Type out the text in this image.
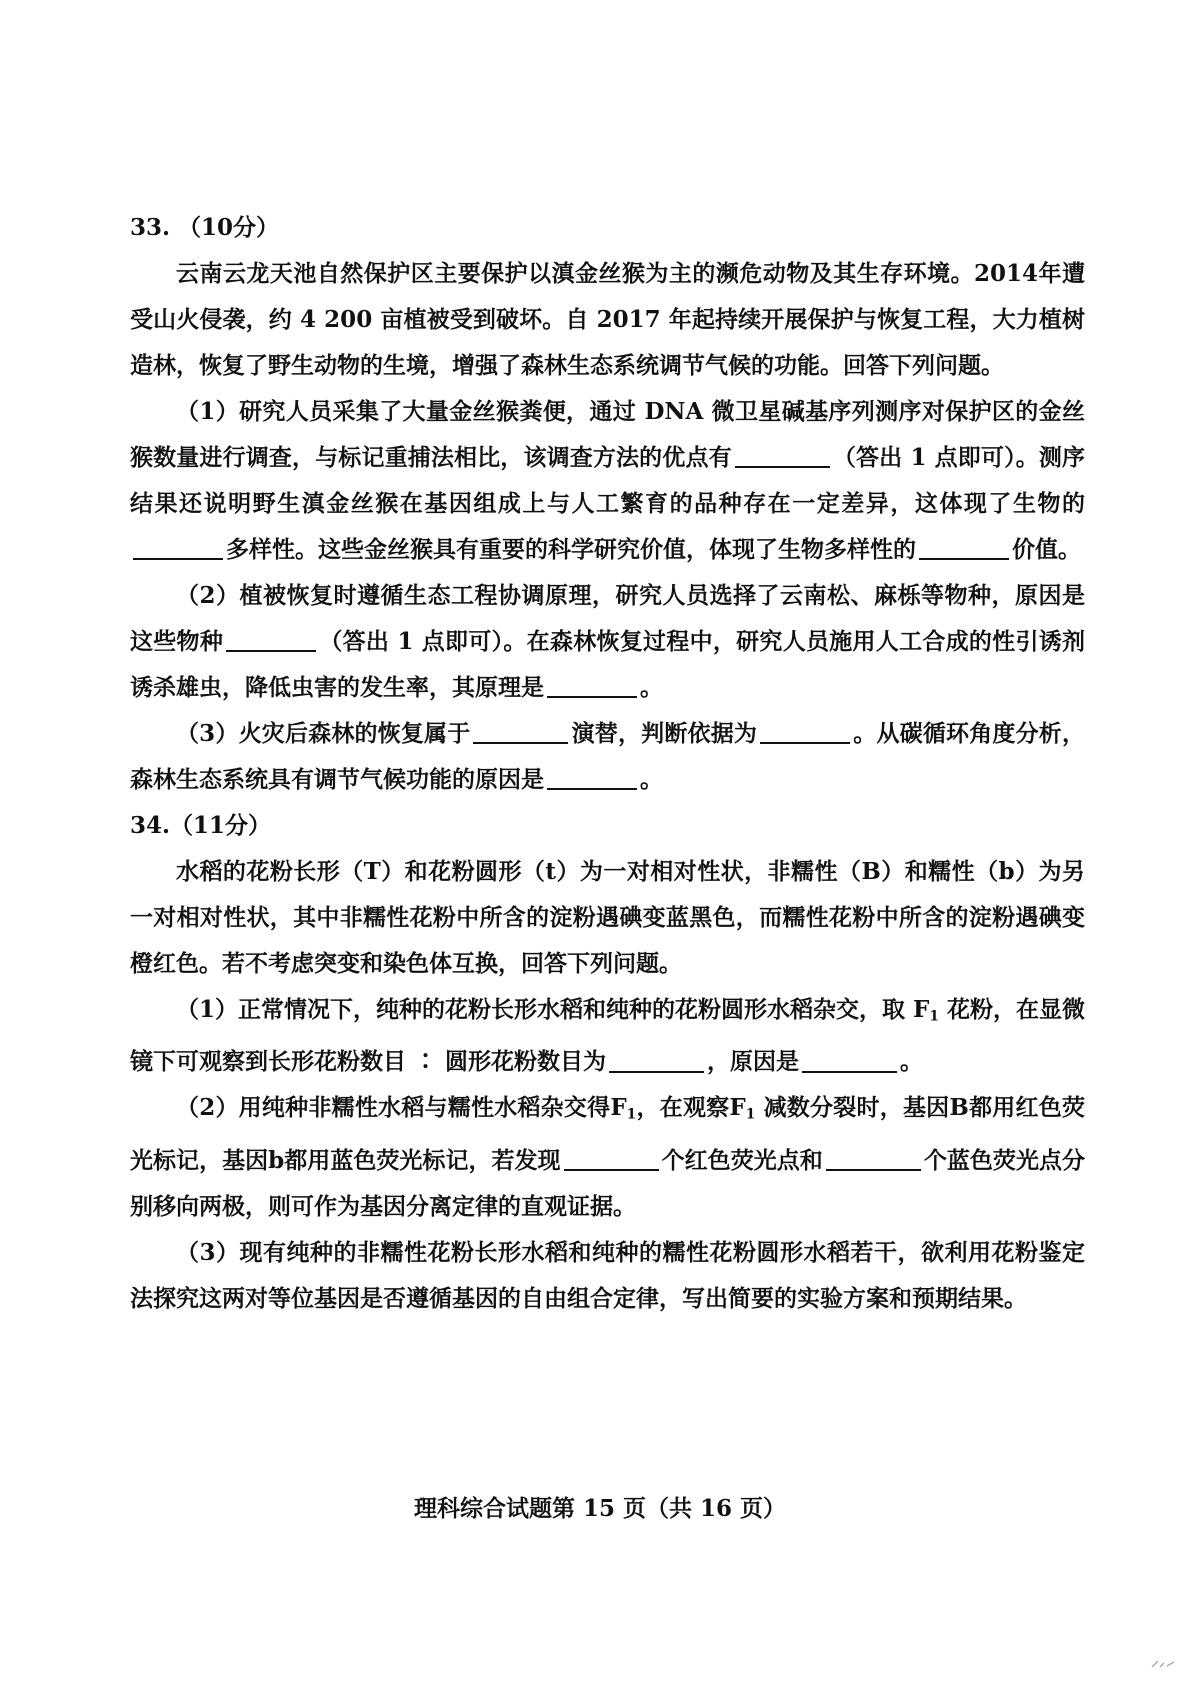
33. （10分）

云南云龙天池自然保护区主要保护以滇金丝猴为主的濒危动物及其生存环境。2014年遭受山火侵袭，约 4 200 亩植被受到破坏。自 2017 年起持续开展保护与恢复工程，大力植树造林，恢复了野生动物的生境，增强了森林生态系统调节气候的功能。回答下列问题。

（1）研究人员采集了大量金丝猴粪便，通过 DNA 微卫星碱基序列测序对保护区的金丝猴数量进行调查，与标记重捕法相比，该调查方法的优点有	（答出 1 点即可）。测序结果还说明野生滇金丝猴在基因组成上与人工繁育的品种存在一定差异，这体现了生物的多样性。这些金丝猴具有重要的科学研究价值，体现了生物多样性的	价值。

（2）植被恢复时遵循生态工程协调原理，研究人员选择了云南松、麻栎等物种，原因是这些物种	（答出 1 点即可）。在森林恢复过程中，研究人员施用人工合成的性引诱剂诱杀雄虫，降低虫害的发生率，其原理是	。

（3）火灾后森林的恢复属于	演替，判断依据为	。从碳循环角度分析，森林生态系统具有调节气候功能的原因是	。

34.（11分）

水稻的花粉长形（T）和花粉圆形（t）为一对相对性状，非糯性（B）和糯性（b）为另一对相对性状，其中非糯性花粉中所含的淀粉遇碘变蓝黑色，而糯性花粉中所含的淀粉遇碘变橙红色。若不考虑突变和染色体互换，回答下列问题。

（1）正常情况下，纯种的花粉长形水稻和纯种的花粉圆形水稻杂交，取 F1 花粉，在显微镜下可观察到长形花粉数目 ∶ 圆形花粉数目为	，原因是	。

（2）用纯种非糯性水稻与糯性水稻杂交得F1，在观察F1 减数分裂时，基因B都用红色荧光标记，基因b都用蓝色荧光标记，若发现	个红色荧光点和	个蓝色荧光点分别移向两极，则可作为基因分离定律的直观证据。

（3）现有纯种的非糯性花粉长形水稻和纯种的糯性花粉圆形水稻若干，欲利用花粉鉴定法探究这两对等位基因是否遵循基因的自由组合定律，写出简要的实验方案和预期结果。

理科综合试题第 15 页（共 16 页）
